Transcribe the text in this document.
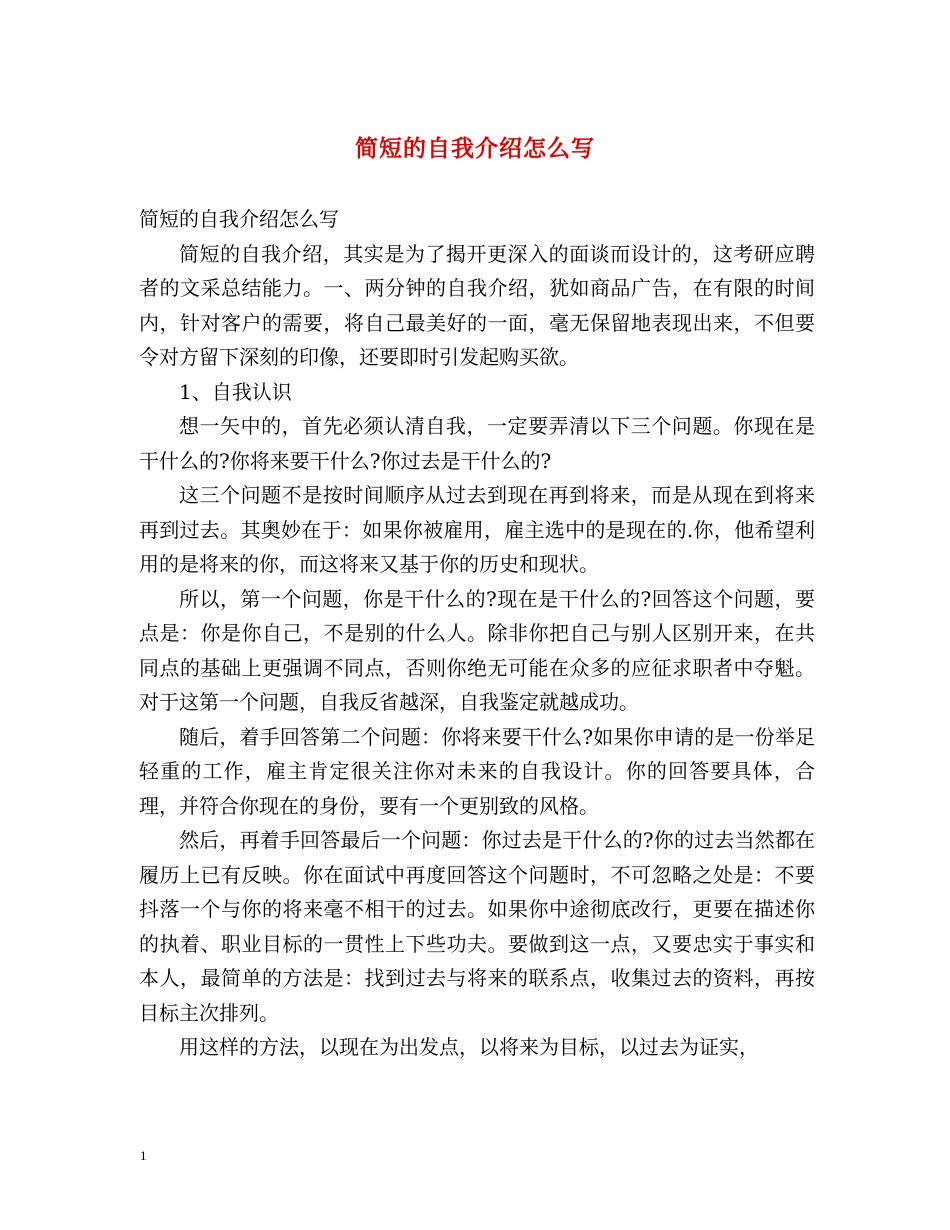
简短的自我介绍怎么写

简短的自我介绍怎么写

简短的自我介绍，其实是为了揭开更深入的面谈而设计的，这考研应聘者的文采总结能力。一、两分钟的自我介绍，犹如商品广告，在有限的时间内，针对客户的需要，将自己最美好的一面，毫无保留地表现出来，不但要令对方留下深刻的印像，还要即时引发起购买欲。

1、自我认识

想一矢中的，首先必须认清自我，一定要弄清以下三个问题。你现在是干什么的?你将来要干什么?你过去是干什么的?

这三个问题不是按时间顺序从过去到现在再到将来，而是从现在到将来再到过去。其奥妙在于：如果你被雇用，雇主选中的是现在的.你，他希望利用的是将来的你，而这将来又基于你的历史和现状。

所以，第一个问题，你是干什么的?现在是干什么的?回答这个问题，要点是：你是你自己，不是别的什么人。除非你把自己与别人区别开来，在共同点的基础上更强调不同点，否则你绝无可能在众多的应征求职者中夺魁。对于这第一个问题，自我反省越深，自我鉴定就越成功。

随后，着手回答第二个问题：你将来要干什么?如果你申请的是一份举足轻重的工作，雇主肯定很关注你对未来的自我设计。你的回答要具体，合理，并符合你现在的身份，要有一个更别致的风格。

然后，再着手回答最后一个问题：你过去是干什么的?你的过去当然都在履历上已有反映。你在面试中再度回答这个问题时，不可忽略之处是：不要抖落一个与你的将来毫不相干的过去。如果你中途彻底改行，更要在描述你的执着、职业目标的一贯性上下些功夫。要做到这一点，又要忠实于事实和本人，最简单的方法是：找到过去与将来的联系点，收集过去的资料，再按目标主次排列。

用这样的方法，以现在为出发点，以将来为目标，以过去为证实，

1
